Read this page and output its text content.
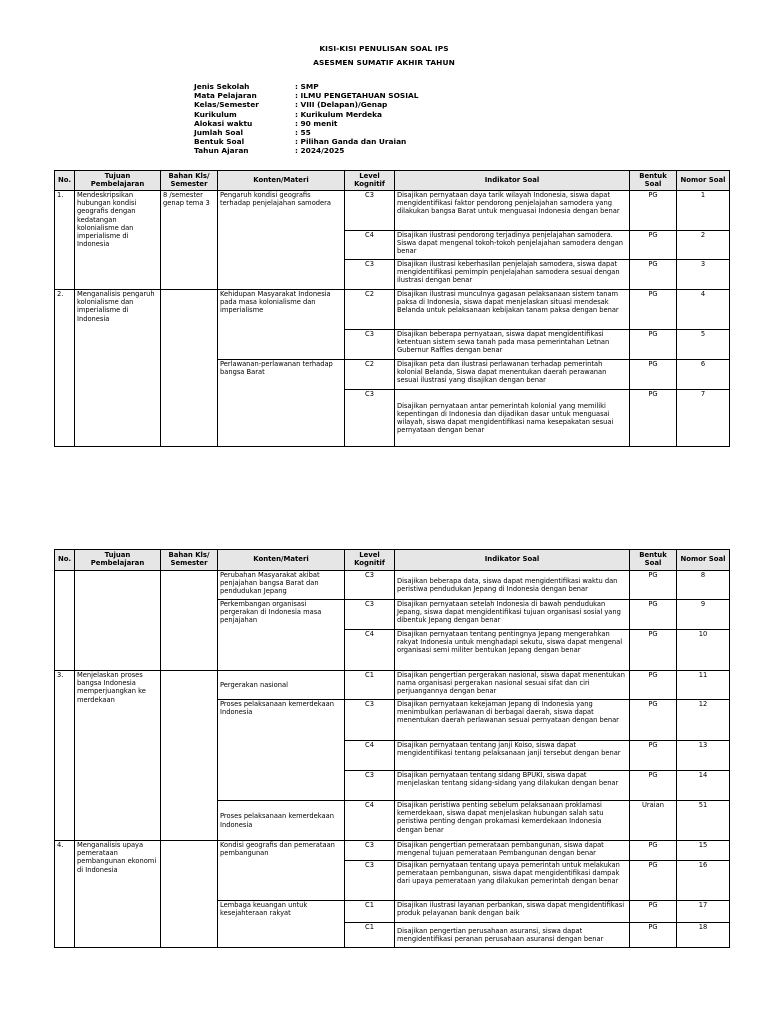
KISI-KISI PENULISAN SOAL IPS
ASESMEN SUMATIF AKHIR TAHUN
Jenis Sekolah	: SMP
Mata Pelajaran	: ILMU PENGETAHUAN SOSIAL
Kelas/Semester	: VIII (Delapan)/Genap
Kurikulum	: Kurikulum Merdeka
Alokasi waktu	: 90 menit
Jumlah Soal	: 55
Bentuk Soal	: Pilihan Ganda dan Uraian
Tahun Ajaran	: 2024/2025
No.	Tujuan Pembelajaran	Bahan Kls/ Semester	Konten/Materi	Level Kognitif	Indikator Soal	Bentuk Soal	Nomor Soal
1.	Mendeskripsikan hubungan kondisi geografis dengan kedatangan kolonialisme dan imperialisme di Indonesia	8 /semester genap tema 3	Pengaruh kondisi geografis terhadap penjelajahan samodera	C3	Disajikan pernyataan daya tarik wilayah Indonesia, siswa dapat mengidentifikasi faktor pendorong penjelajahan samodera yang dilakukan bangsa Barat untuk menguasai Indonesia dengan benar	PG	1
				C4	Disajikan ilustrasi pendorong terjadinya penjelajahan samodera. Siswa dapat mengenal tokoh-tokoh penjelajahan samodera dengan benar	PG	2
				C3	Disajikan ilustrasi keberhasilan penjelajah samodera, siswa dapat mengidentifikasi pemimpin penjelajahan samodera sesuai dengan ilustrasi dengan benar	PG	3
2.	Menganalisis pengaruh kolonialisme dan imperialisme di Indonesia		Kehidupan Masyarakat Indonesia pada masa kolonialisme dan imperialisme	C2	Disajikan ilustrasi munculnya gagasan pelaksanaan sistem tanam paksa di Indonesia, siswa dapat menjelaskan situasi mendesak Belanda untuk pelaksanaan kebijakan tanam paksa dengan benar	PG	4
				C3	Disajikan beberapa pernyataan, siswa dapat mengidentifikasi ketentuan sistem sewa tanah pada masa pemerintahan Letnan Gubernur Raffles dengan benar	PG	5
			Perlawanan-perlawanan terhadap bangsa Barat	C2	Disajikan peta dan ilustrasi perlawanan terhadap pemerintah kolonial Belanda, Siswa dapat menentukan daerah perawanan sesuai ilustrasi yang disajikan dengan benar	PG	6
				C3	Disajikan pernyataan antar pemerintah kolonial yang memiliki kepentingan di Indonesia dan dijadikan dasar untuk menguasai wilayah, siswa dapat mengidentifikasi nama kesepakatan sesuai pernyataan dengan benar	PG	7
No.	Tujuan Pembelajaran	Bahan Kls/ Semester	Konten/Materi	Level Kognitif	Indikator Soal	Bentuk Soal	Nomor Soal
			Perubahan Masyarakat akibat penjajahan bangsa Barat dan pendudukan Jepang	C3	Disajikan beberapa data, siswa dapat mengidentifikasi waktu dan peristiwa pendudukan Jepang di Indonesia dengan benar	PG	8
			Perkembangan organisasi pergerakan di Indonesia masa penjajahan	C3	Disajikan pernyataan setelah Indonesia di bawah pendudukan Jepang, siswa dapat mengidentifikasi tujuan organisasi sosial yang dibentuk Jepang dengan benar	PG	9
				C4	Disajikan pernyataan tentang pentingnya Jepang mengerahkan rakyat Indonesia untuk menghadapi sekutu, siswa dapat mengenal organisasi semi militer bentukan Jepang dengan benar	PG	10
3.	Menjelaskan proses bangsa Indonesia memperjuangkan ke merdekaan		Pergerakan nasional	C1	Disajikan pengertian pergerakan nasional, siswa dapat menentukan nama organisasi pergerakan nasional sesuai sifat dan ciri perjuangannya dengan benar	PG	11
			Proses pelaksanaan kemerdekaan Indonesia	C3	Disajikan pernyataan kekejaman Jepang di Indonesia yang menimbulkan perlawanan di berbagai daerah, siswa dapat menentukan daerah perlawanan sesuai pernyataan dengan benar	PG	12
				C4	Disajikan pernyataan tentang janji Koiso, siswa dapat mengidentifikasi tentang pelaksanaan janji tersebut dengan benar	PG	13
				C3	Disajikan pernyataan tentang sidang BPUKI, siswa dapat menjelaskan tentang sidang-sidang yang dilakukan dengan benar	PG	14
			Proses pelaksanaan kemerdekaan Indonesia	C4	Disajikan peristiwa penting sebelum pelaksanaan proklamasi kemerdekaan, siswa dapat menjelaskan hubungan salah satu peristiwa penting dengan prokamasi kemerdekaan Indonesia dengan benar	Uraian	51
4.	Menganalisis upaya pemerataan pembangunan ekonomi di Indonesia		Kondisi geografis dan pemerataan pembangunan	C3	Disajikan pengertian pemerataan pembangunan, siswa dapat mengenal tujuan pemerataan Pembangunan dengan benar	PG	15
				C3	Disajikan pernyataan tentang upaya pemerintah untuk melakukan pemerataan pembangunan, siswa dapat mengidentifikasi dampak dari upaya pemerataan yang dilakukan pemerintah dengan benar	PG	16
			Lembaga keuangan untuk kesejahteraan rakyat	C1	Disajikan ilustrasi layanan perbankan, siswa dapat mengidentifikasi produk pelayanan bank dengan baik	PG	17
				C1	Disajikan pengertian perusahaan asuransi, siswa dapat mengidentifikasi peranan perusahaan asuransi dengan benar	PG	18
